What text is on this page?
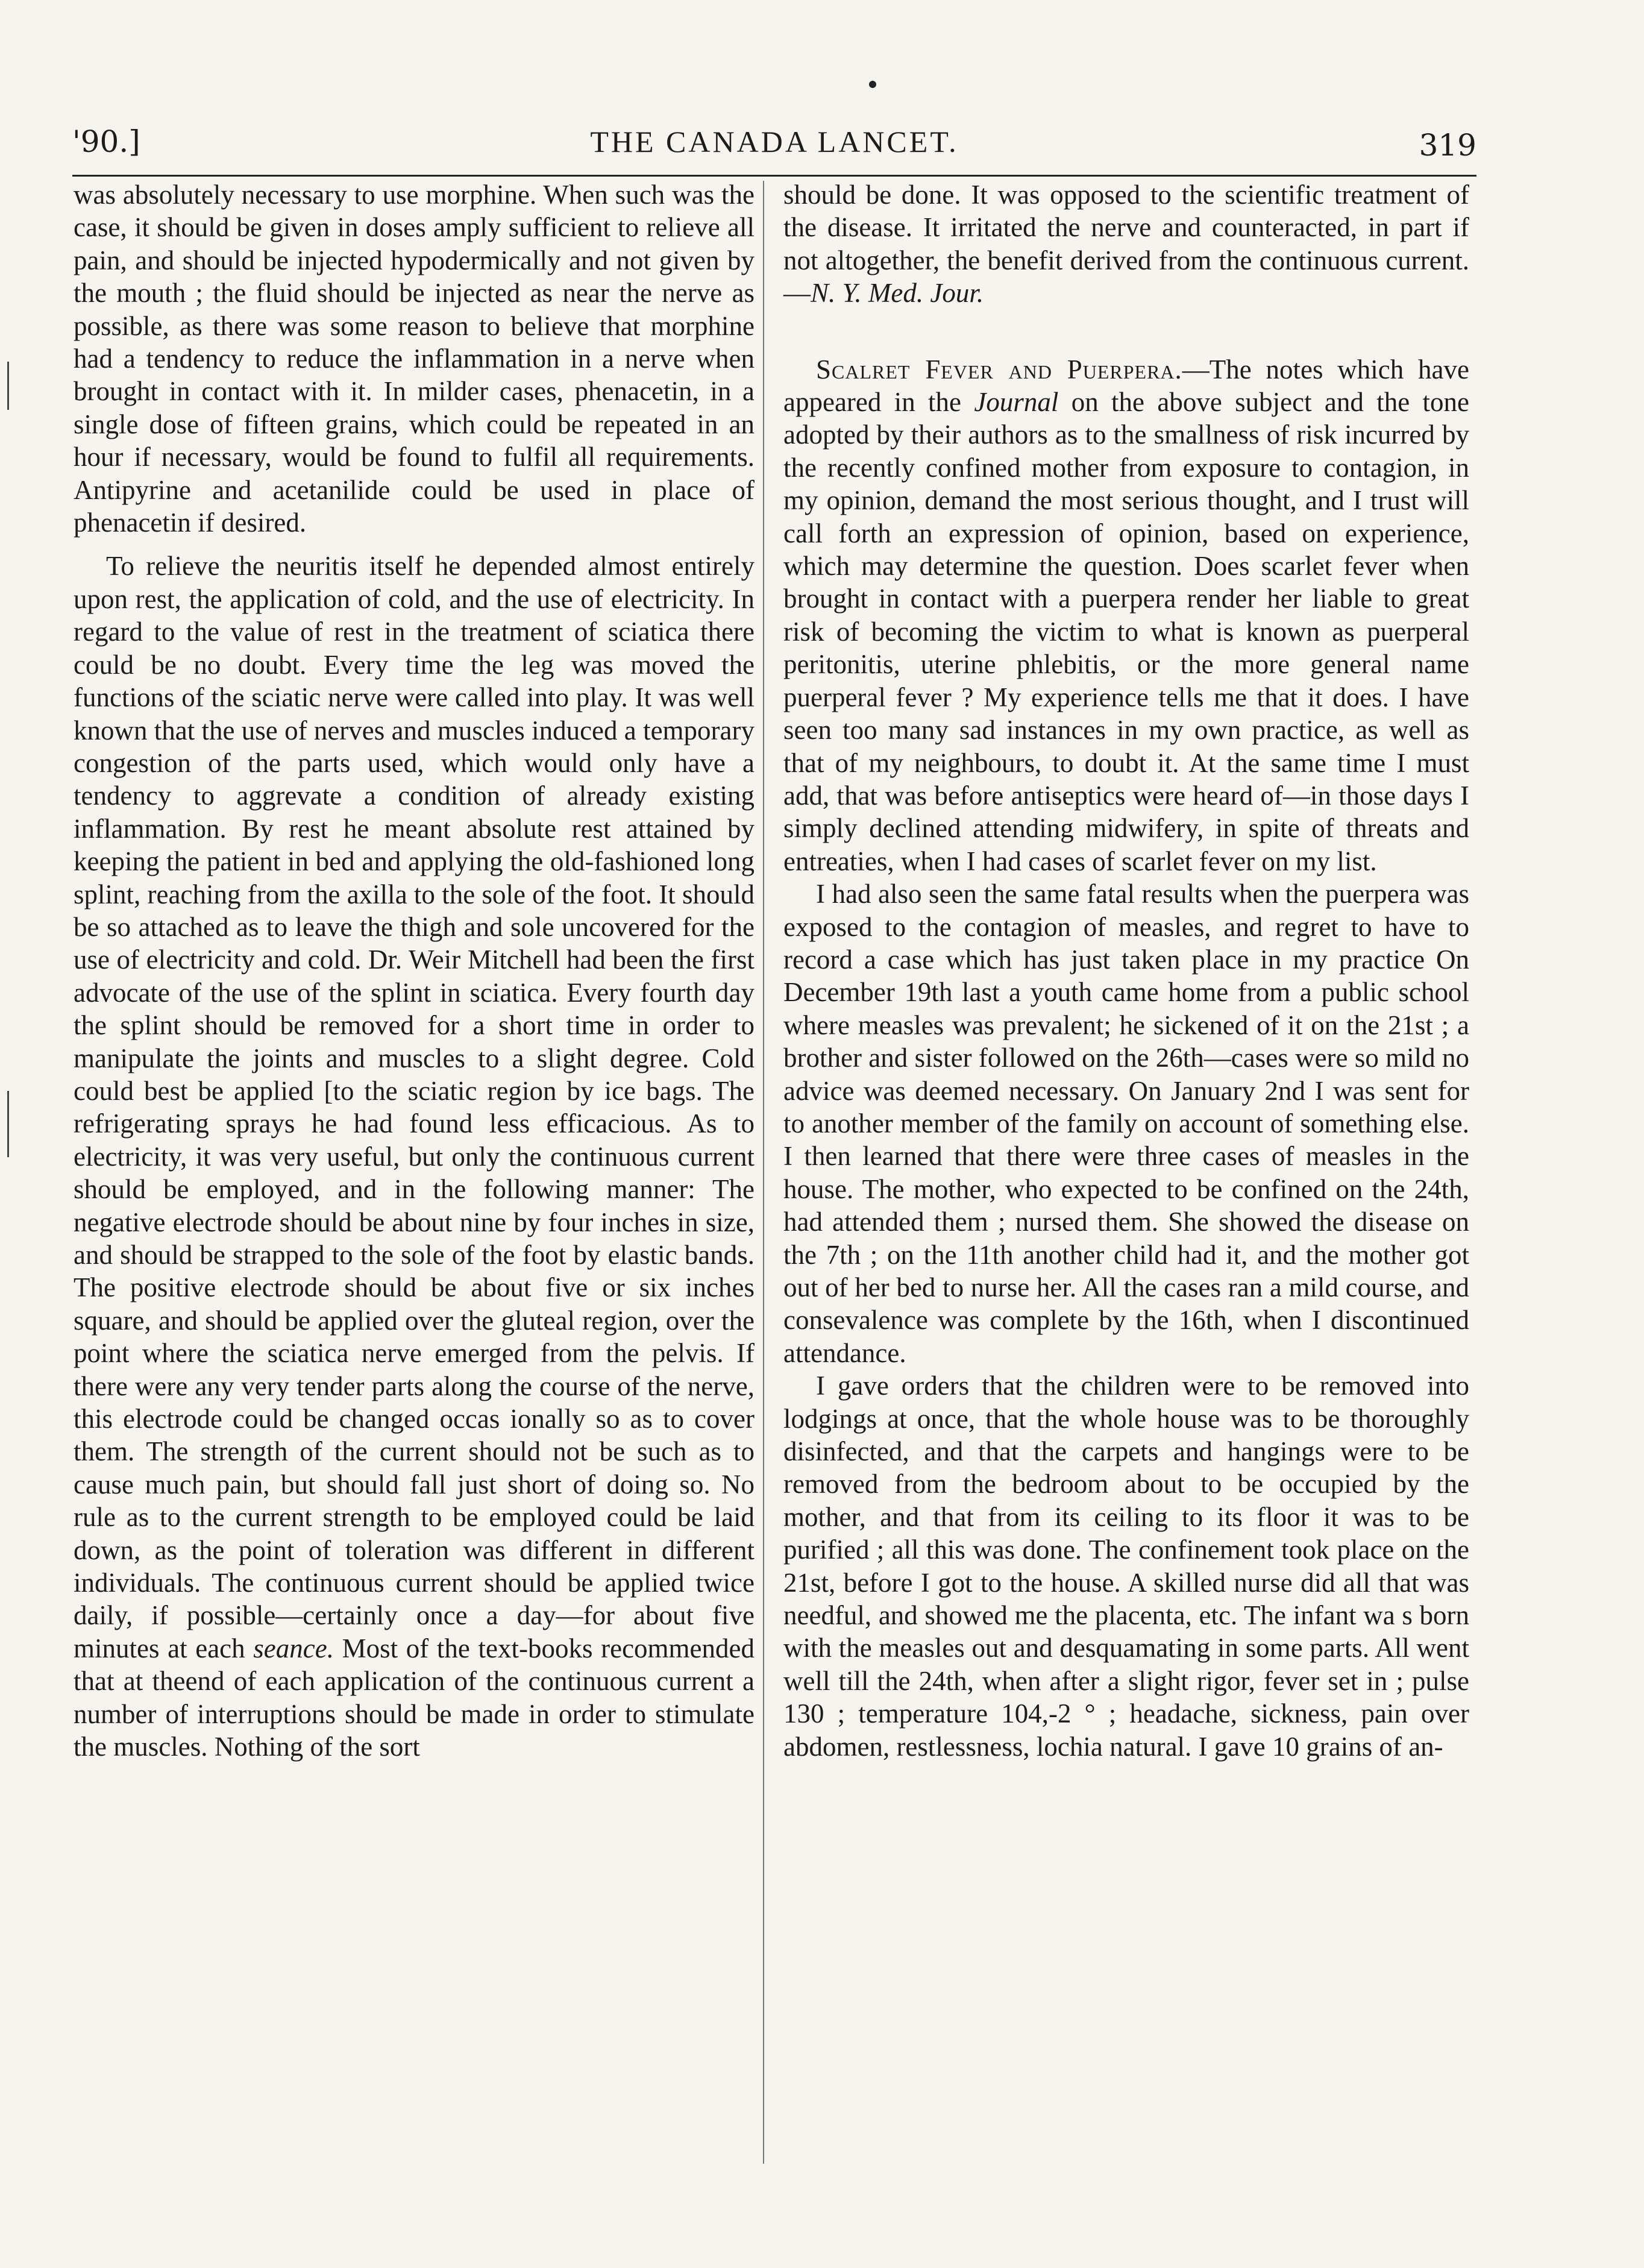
'90.]	THE CANADA LANCET.	319

was absolutely necessary to use morphine. When such was the case, it should be given in doses amply sufficient to relieve all pain, and should be injected hypodermically and not given by the mouth ; the fluid should be injected as near the nerve as possible, as there was some reason to believe that morphine had a tendency to reduce the inflammation in a nerve when brought in contact with it. In milder cases, phenacetin, in a single dose of fifteen grains, which could be repeated in an hour if necessary, would be found to fulfil all requirements. Antipyrine and acetanilide could be used in place of phenacetin if desired.

To relieve the neuritis itself he depended almost entirely upon rest, the application of cold, and the use of electricity. In regard to the value of rest in the treatment of sciatica there could be no doubt. Every time the leg was moved the functions of the sciatic nerve were called into play. It was well known that the use of nerves and muscles induced a temporary congestion of the parts used, which would only have a tendency to aggrevate a condition of already existing inflammation. By rest he meant absolute rest attained by keeping the patient in bed and applying the old-fashioned long splint, reaching from the axilla to the sole of the foot. It should be so attached as to leave the thigh and sole uncovered for the use of electricity and cold. Dr. Weir Mitchell had been the first advocate of the use of the splint in sciatica. Every fourth day the splint should be removed for a short time in order to manipulate the joints and muscles to a slight degree. Cold could best be applied [to the sciatic region by ice bags. The refrigerating sprays he had found less efficacious. As to electricity, it was very useful, but only the continuous current should be employed, and in the following manner: The negative electrode should be about nine by four inches in size, and should be strapped to the sole of the foot by elastic bands. The positive electrode should be about five or six inches square, and should be applied over the gluteal region, over the point where the sciatica nerve emerged from the pelvis. If there were any very tender parts along the course of the nerve, this electrode could be changed occas ionally so as to cover them. The strength of the current should not be such as to cause much pain, but should fall just short of doing so. No rule as to the current strength to be employed could be laid down, as the point of toleration was different in different individuals. The continuous current should be applied twice daily, if possible—certainly once a day—for about five minutes at each seance. Most of the text-books recommended that at theend of each application of the continuous current a number of interruptions should be made in order to stimulate the muscles. Nothing of the sort

should be done. It was opposed to the scientific treatment of the disease. It irritated the nerve and counteracted, in part if not altogether, the benefit derived from the continuous current.—N. Y. Med. Jour.

Scalret Fever and Puerpera.—The notes which have appeared in the Journal on the above subject and the tone adopted by their authors as to the smallness of risk incurred by the recently confined mother from exposure to contagion, in my opinion, demand the most serious thought, and I trust will call forth an expression of opinion, based on experience, which may determine the question. Does scarlet fever when brought in contact with a puerpera render her liable to great risk of becoming the victim to what is known as puerperal peritonitis, uterine phlebitis, or the more general name puerperal fever ? My experience tells me that it does. I have seen too many sad instances in my own practice, as well as that of my neighbours, to doubt it. At the same time I must add, that was before antiseptics were heard of—in those days I simply declined attending midwifery, in spite of threats and entreaties, when I had cases of scarlet fever on my list.

I had also seen the same fatal results when the puerpera was exposed to the contagion of measles, and regret to have to record a case which has just taken place in my practice On December 19th last a youth came home from a public school where measles was prevalent; he sickened of it on the 21st ; a brother and sister followed on the 26th—cases were so mild no advice was deemed necessary. On January 2nd I was sent for to another member of the family on account of something else. I then learned that there were three cases of measles in the house. The mother, who expected to be confined on the 24th, had attended them ; nursed them. She showed the disease on the 7th ; on the 11th another child had it, and the mother got out of her bed to nurse her. All the cases ran a mild course, and consevalence was complete by the 16th, when I discontinued attendance.

I gave orders that the children were to be removed into lodgings at once, that the whole house was to be thoroughly disinfected, and that the carpets and hangings were to be removed from the bedroom about to be occupied by the mother, and that from its ceiling to its floor it was to be purified ; all this was done. The confinement took place on the 21st, before I got to the house. A skilled nurse did all that was needful, and showed me the placenta, etc. The infant wa s born with the measles out and desquamating in some parts. All went well till the 24th, when after a slight rigor, fever set in ; pulse 130 ; temperature 104,-2 ° ; headache, sickness, pain over abdomen, restlessness, lochia natural. I gave 10 grains of an-
